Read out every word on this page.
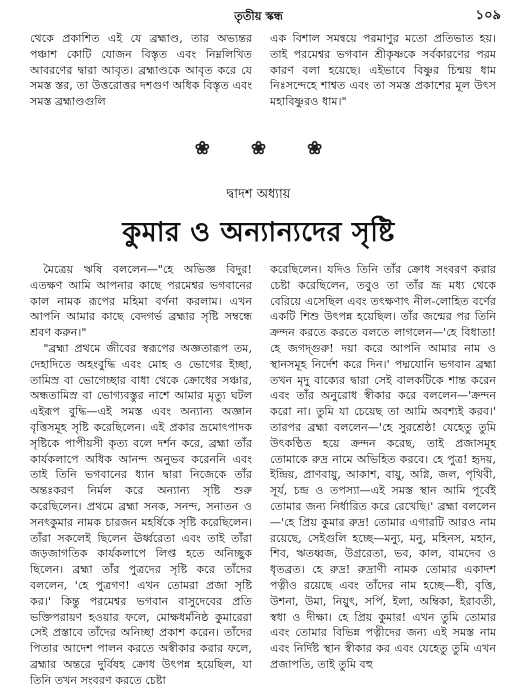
তৃতীয় স্কন্ধ	১০৯

থেকে প্রকাশিত এই যে ব্রহ্মাণ্ড, তার অভ্যন্তর পঞ্চাশ কোটি যোজন বিস্তৃত এবং নিম্নলিখিত আবরণের দ্বারা আবৃত। ব্রহ্মাণ্ডকে আবৃত করে যে সমস্ত স্তর, তা উত্তরোত্তর দশগুণ অধিক বিস্তৃত এবং সমস্ত ব্রহ্মাণ্ডগুলি

এক বিশাল সমন্বয়ে পরমাণুর মতো প্রতিভাত হয়। তাই পরমেশ্বর ভগবান শ্রীকৃষ্ণকে সর্বকারণের পরম কারণ বলা হয়েছে। এইভাবে বিষ্ণুর চিন্ময় ধাম নিঃসন্দেহে শাশ্বত এবং তা সমস্ত প্রকাশের মূল উৎস মহাবিষ্ণুরও ধাম।"

❀ ❀ ❀
দ্বাদশ অধ্যায়
কুমার ও অন্যান্যদের সৃষ্টি

মৈত্রেয় ঋষি বললেন—"হে অভিজ্ঞ বিদুর! এতক্ষণ আমি আপনার কাছে পরমেশ্বর ভগবানের কাল নামক রূপের মহিমা বর্ণনা করলাম। এখন আপনি আমার কাছে বেদগর্ভ ব্রহ্মার সৃষ্টি সম্বন্ধে শ্রবণ করুন।"

"ব্রহ্মা প্রথমে জীবের স্বরূপের অজ্ঞতারূপ তম, দেহাদিতে অহংবুদ্ধি এবং মোহ ও ভোগের ইচ্ছা, তামিস্র বা ভোগেচ্ছার বাধা থেকে ক্রোধের সঞ্চার, অন্ধতামিস্র বা ভোগ্যবস্তুর নাশে আমার মৃত্যু ঘটল এইরূপ বুদ্ধি—এই সমস্ত এবং অন্যান্য অজ্ঞান বৃত্তিসমূহ সৃষ্টি করেছিলেন। এই প্রকার ভ্রমোৎপাদক সৃষ্টিকে পাপীয়সী কৃত্য বলে দর্শন করে, ব্রহ্মা তাঁর কার্যকলাপে অধিক আনন্দ অনুভব করেননি এবং তাই তিনি ভগবানের ধ্যান দ্বারা নিজেকে তাঁর অন্তঃকরণ নির্মল করে অন্যান্য সৃষ্টি শুরু করেছিলেন। প্রথমে ব্রহ্মা সনক, সনন্দ, সনাতন ও সনৎকুমার নামক চারজন মহর্ষিকে সৃষ্টি করেছিলেন। তাঁরা সকলেই ছিলেন ঊর্ধ্বরেতা এবং তাই তাঁরা জড়জাগতিক কার্যকলাপে লিপ্ত হতে অনিচ্ছুক ছিলেন। ব্রহ্মা তাঁর পুত্রদের সৃষ্টি করে তাঁদের বললেন, 'হে পুত্রগণ! এখন তোমরা প্রজা সৃষ্টি কর।' কিন্তু পরমেশ্বর ভগবান বাসুদেবের প্রতি ভক্তিপরায়ণ হওয়ার ফলে, মোক্ষধর্মনিষ্ঠ কুমারেরা সেই প্রস্তাবে তাঁদের অনিচ্ছা প্রকাশ করেন। তাঁদের পিতার আদেশ পালন করতে অস্বীকার করার ফলে, ব্রহ্মার অন্তরে দুর্বিষহ ক্রোধ উৎপন্ন হয়েছিল, যা তিনি তখন সংবরণ করতে চেষ্টা

করেছিলেন। যদিও তিনি তাঁর ক্রোধ সংবরণ করার চেষ্টা করেছিলেন, তবুও তা তাঁর ভ্রূ মধ্য থেকে বেরিয়ে এসেছিল এবং তৎক্ষণাৎ নীল-লোহিত বর্ণের একটি শিশু উৎপন্ন হয়েছিল। তাঁর জন্মের পর তিনি ক্রন্দন করতে করতে বলতে লাগলেন—'হে বিধাতা! হে জগদ্‌গুরু! দয়া করে আপনি আমার নাম ও স্থানসমূহ নির্দেশ করে দিন।' পদ্মযোনি ভগবান ব্রহ্মা তখন মৃদু বাক্যের দ্বারা সেই বালকটিকে শান্ত করেন এবং তাঁর অনুরোধ স্বীকার করে বললেন—'ক্রন্দন করো না। তুমি যা চেয়েছ তা আমি অবশ্যই করব।' তারপর ব্রহ্মা বললেন—'হে সুরশ্রেষ্ঠ! যেহেতু তুমি উৎকণ্ঠিত হয়ে ক্রন্দন করেছ, তাই প্রজাসমূহ তোমাকে রুদ্র নামে অভিহিত করবে। হে পুত্র! হৃদয়, ইন্দ্রিয়, প্রাণবায়ু, আকাশ, বায়ু, অগ্নি, জল, পৃথিবী, সূর্য, চন্দ্র ও তপস্যা—এই সমস্ত স্থান আমি পূর্বেই তোমার জন্য নির্ধারিত করে রেখেছি।' ব্রহ্মা বললেন—'হে প্রিয় কুমার রুদ্র! তোমার এগারটি আরও নাম রয়েছে, সেইগুলি হচ্ছে—মন্যু, মনু, মহিনস, মহান, শিব, ঋতধ্বজ, উগ্ররেতা, ভব, কাল, বামদেব ও ধৃতব্রত। হে রুদ্র! রুদ্রাণী নামক তোমার একাদশ পত্নীও রয়েছে এবং তাঁদের নাম হচ্ছে—ধী, বৃত্তি, উশনা, উমা, নিয়ুৎ, সর্পি, ইলা, অম্বিকা, ইরাবতী, স্বধা ও দীক্ষা। হে প্রিয় কুমার! এখন তুমি তোমার এবং তোমার বিভিন্ন পত্নীদের জন্য এই সমস্ত নাম এবং নির্দিষ্ট স্থান স্বীকার কর এবং যেহেতু তুমি এখন প্রজাপতি, তাই তুমি বহু
